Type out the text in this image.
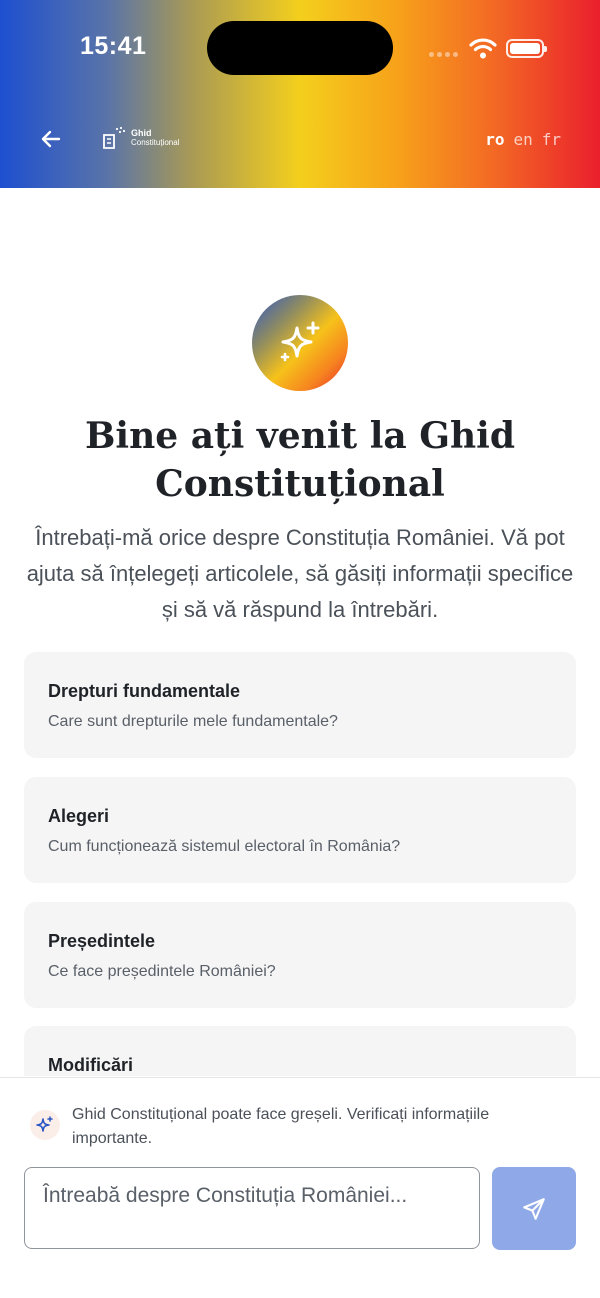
15:41
Ghid
Constituțional	ro en fr
Bine ați venit la Ghid Constituțional

Întrebați-mă orice despre Constituția României. Vă pot ajuta să înțelegeți articolele, să găsiți informații specifice și să vă răspund la întrebări.

Drepturi fundamentale
Care sunt drepturile mele fundamentale?
Alegeri
Cum funcționează sistemul electoral în România?
Președintele
Ce face președintele României?
Modificări
Ghid Constituțional poate face greșeli. Verificați informațiile importante.
Întreabă despre Constituția României...
